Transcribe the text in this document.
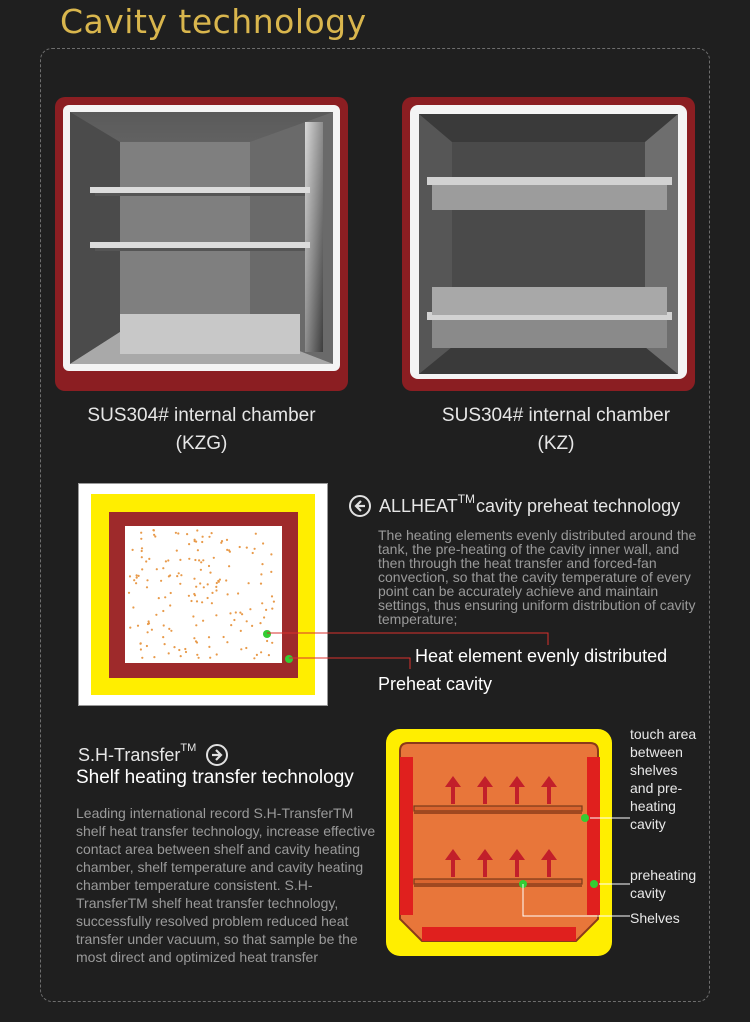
Cavity technology
SUS304# internal chamber
(KZG)
SUS304# internal chamber
(KZ)
ALLHEAT TM cavity preheat technology
The heating elements evenly distributed around the tank, the pre-heating of the cavity inner wall, and then through the heat transfer and forced-fan convection, so that the cavity temperature of every point can be accurately achieve and maintain settings, thus ensuring uniform distribution of cavity temperature;
Heat element evenly distributed
Preheat cavity
S.H-Transfer TM
Shelf heating transfer technology
Leading international record S.H-TransferTM shelf heat transfer technology, increase effective contact area between shelf and cavity heating chamber, shelf temperature and cavity heating chamber temperature consistent. S.H-TransferTM shelf heat transfer technology, successfully resolved problem reduced heat transfer under vacuum, so that sample be the most direct and optimized heat transfer
touch area between shelves and pre-heating cavity
preheating cavity
Shelves
